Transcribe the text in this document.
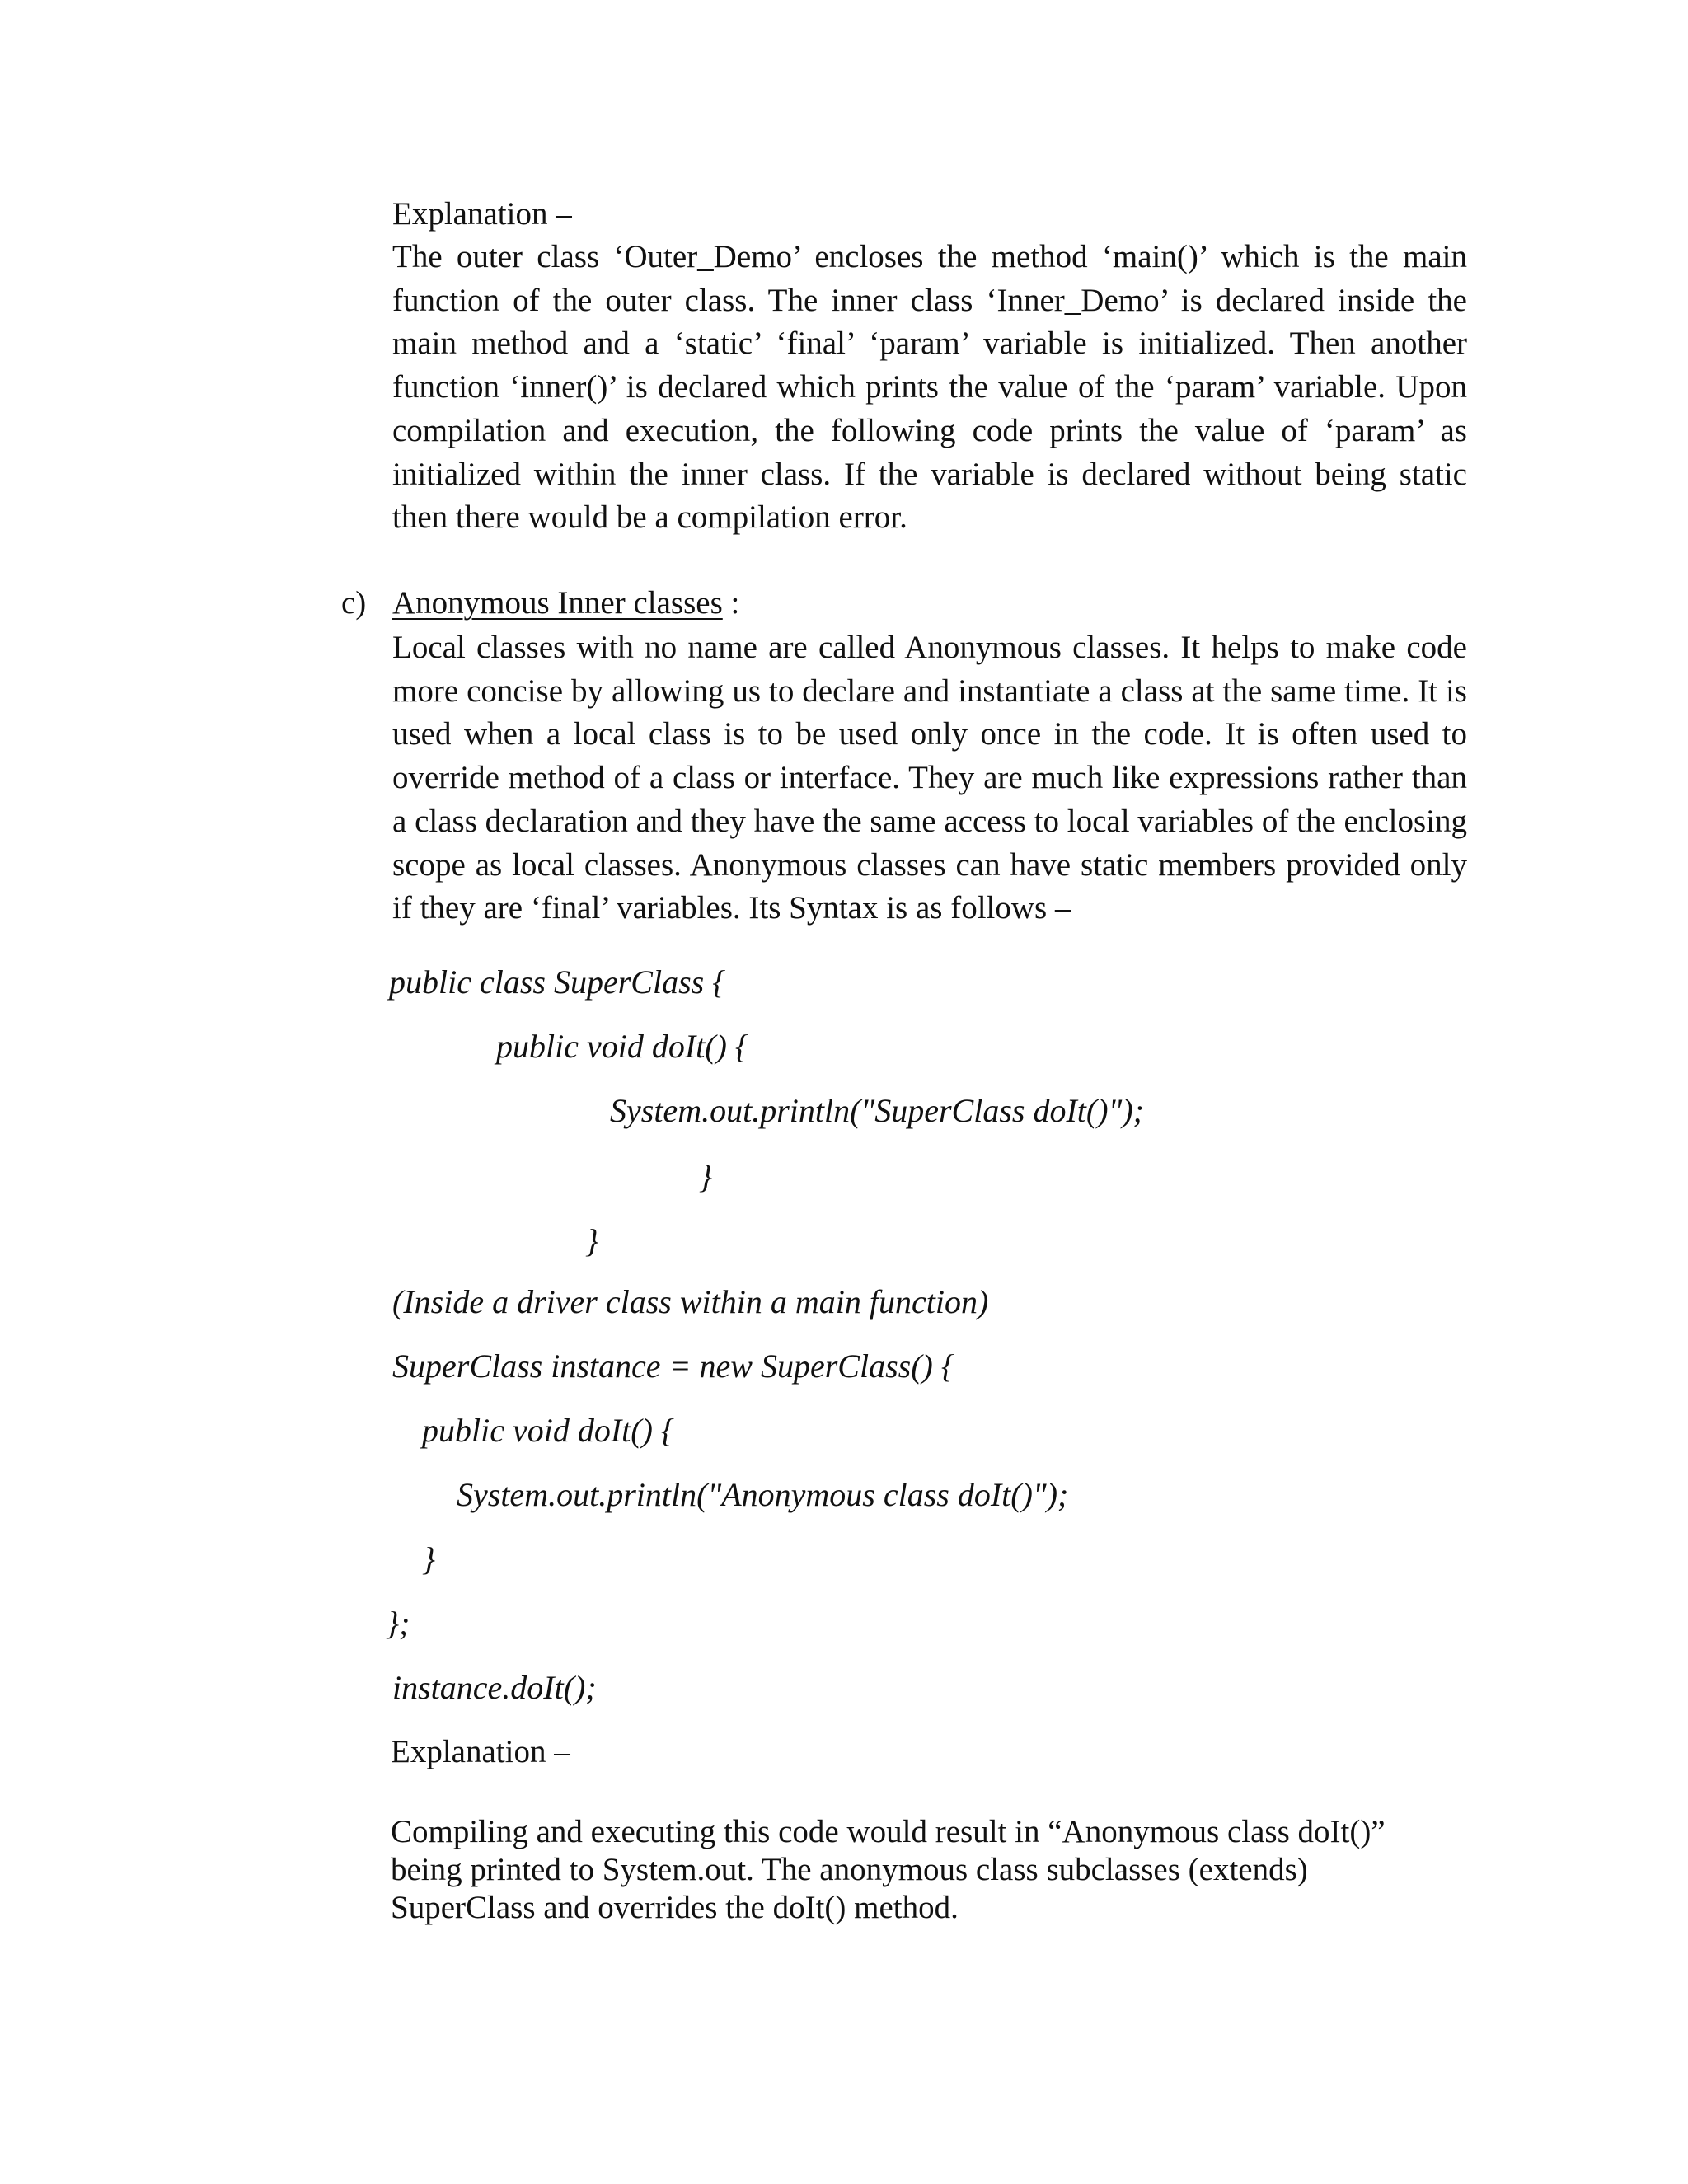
Explanation –
The outer class ‘Outer_Demo’ encloses the method ‘main()’ which is the main function of the outer class. The inner class ‘Inner_Demo’ is declared inside the main method and a ‘static’ ‘final’ ‘param’ variable is initialized. Then another function ‘inner()’ is declared which prints the value of the ‘param’ variable. Upon compilation and execution, the following code prints the value of ‘param’ as initialized within the inner class. If the variable is declared without being static then there would be a compilation error.
c) Anonymous Inner classes :
Local classes with no name are called Anonymous classes. It helps to make code more concise by allowing us to declare and instantiate a class at the same time. It is used when a local class is to be used only once in the code. It is often used to override method of a class or interface. They are much like expressions rather than a class declaration and they have the same access to local variables of the enclosing scope as local classes. Anonymous classes can have static members provided only if they are ‘final’ variables. Its Syntax is as follows –
public class SuperClass {
public void doIt() {
System.out.println("SuperClass doIt()");
}
}
(Inside a driver class within a main function)
SuperClass instance = new SuperClass() {
public void doIt() {
System.out.println("Anonymous class doIt()");
}
};
instance.doIt();
Explanation –
Compiling and executing this code would result in “Anonymous class doIt()”
being printed to System.out. The anonymous class subclasses (extends)
SuperClass and overrides the doIt() method.
